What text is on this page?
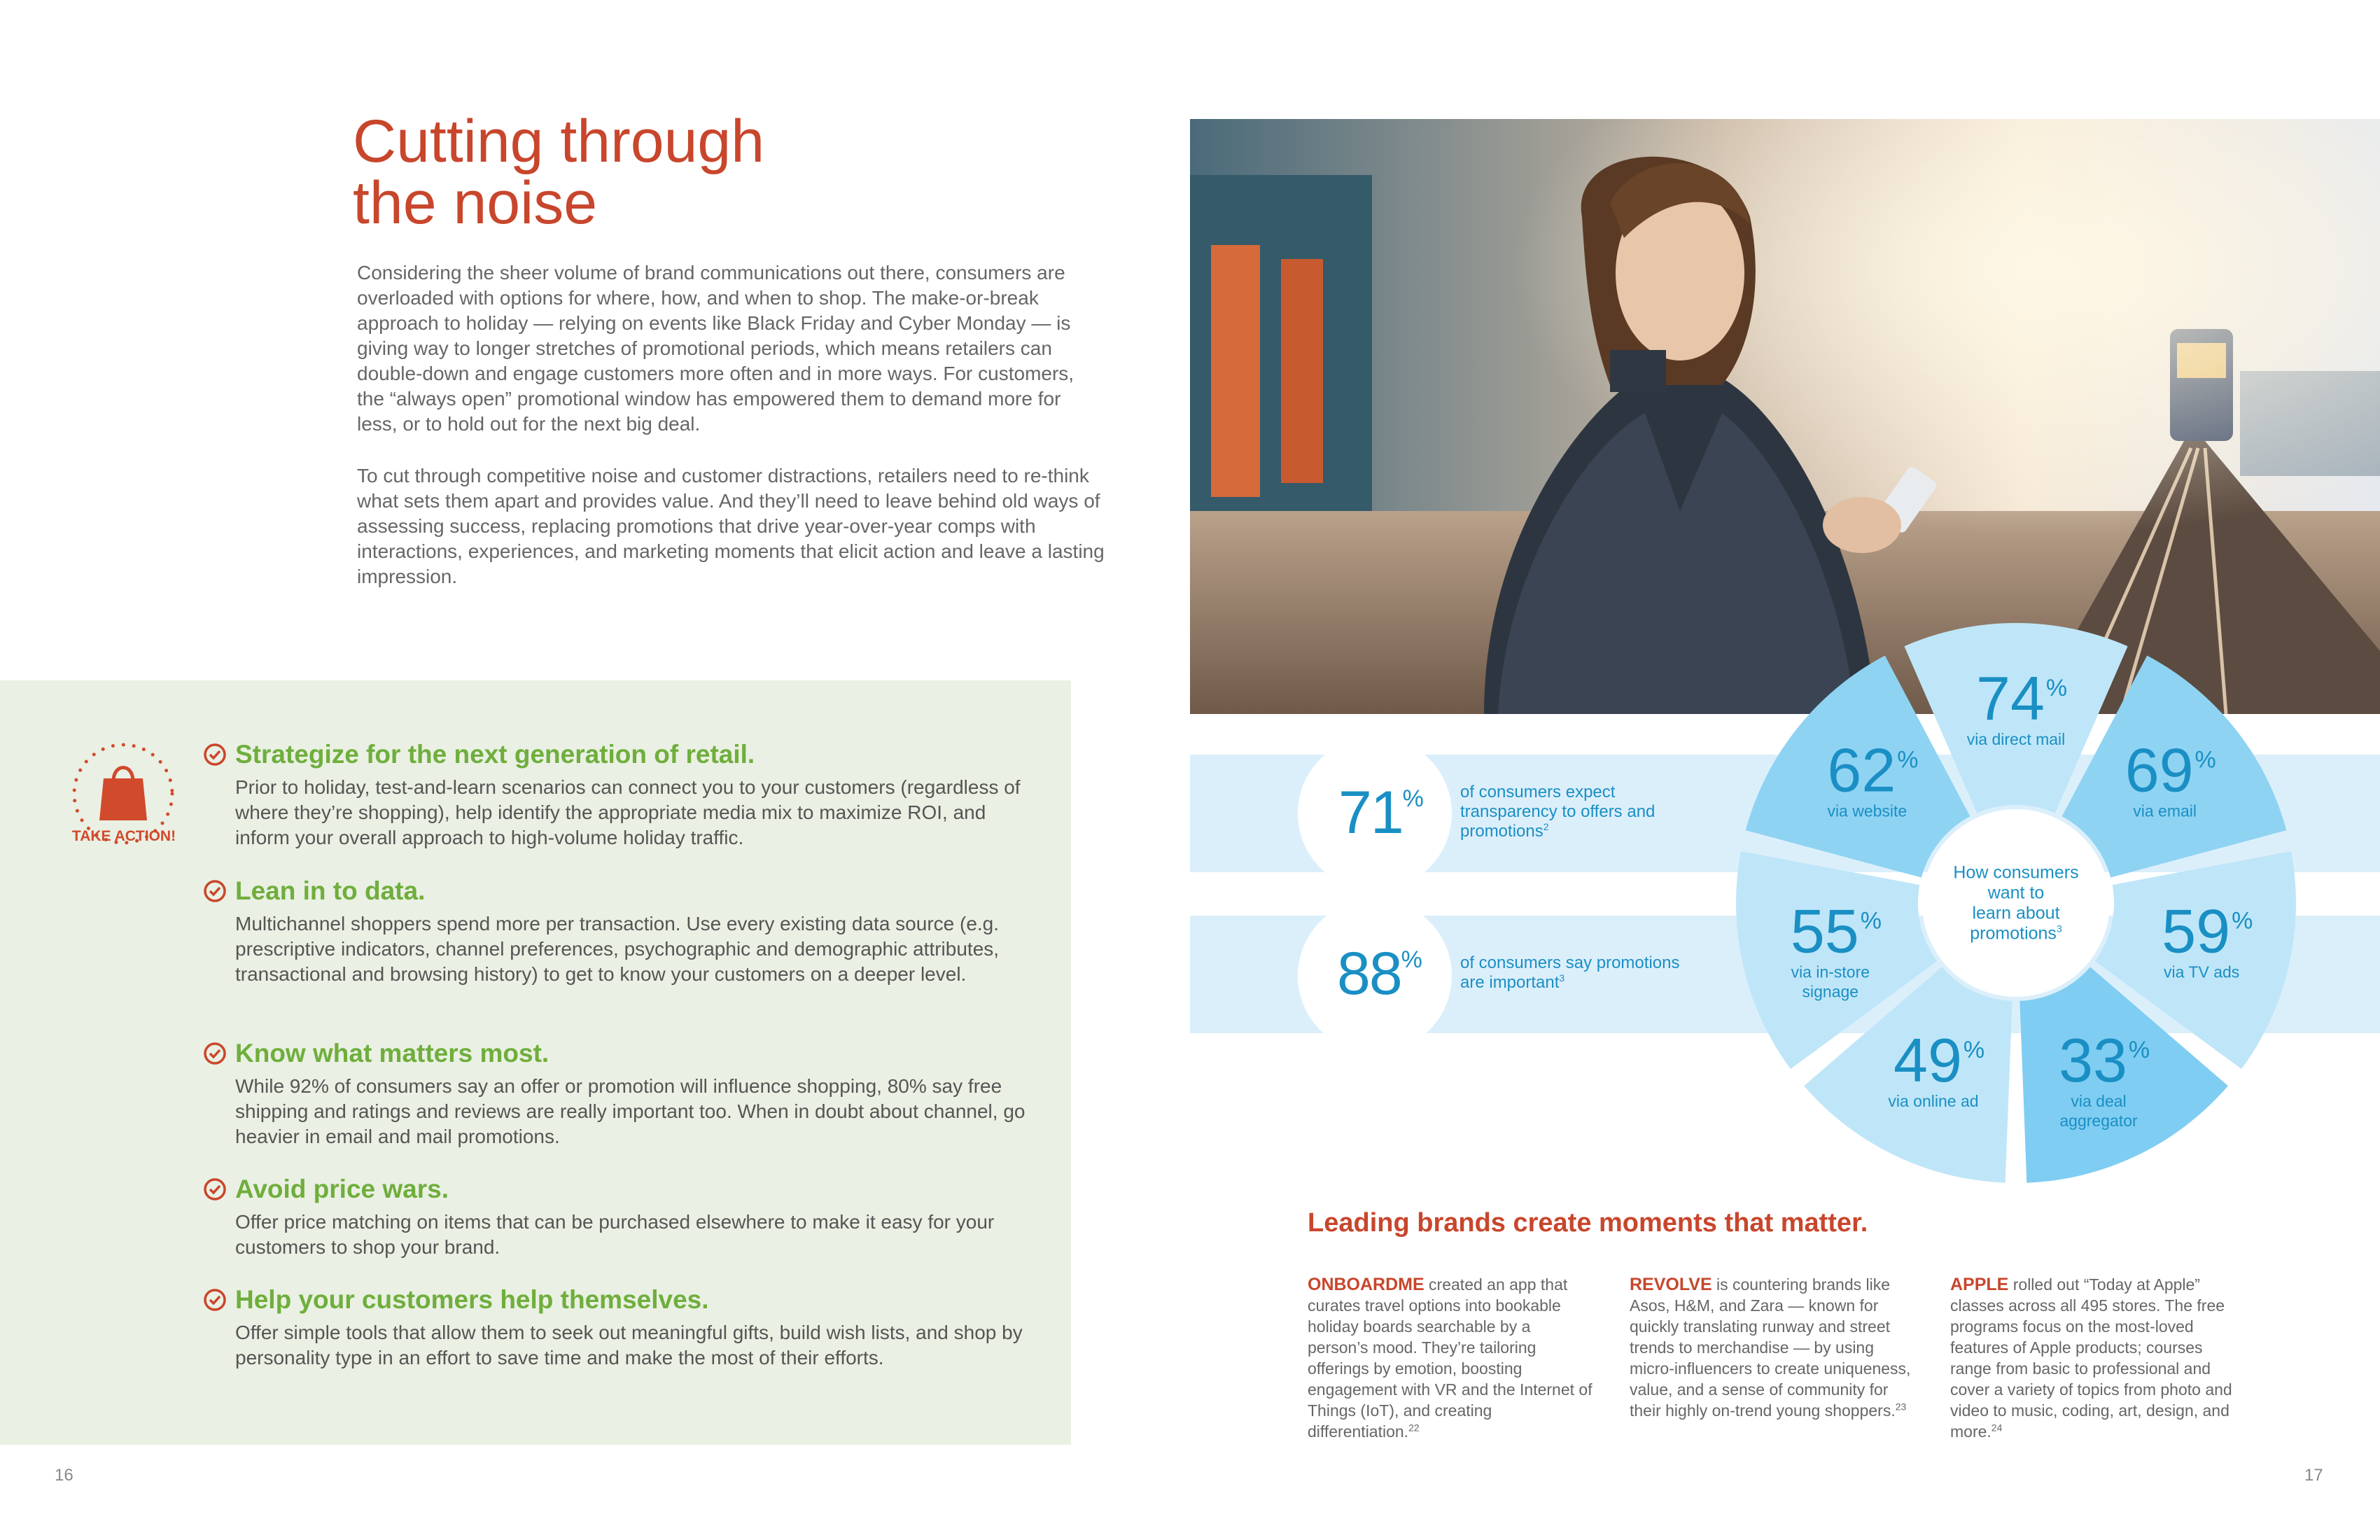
Cutting through
the noise

Considering the sheer volume of brand communications out there, consumers are overloaded with options for where, how, and when to shop. The make-or-break approach to holiday — relying on events like Black Friday and Cyber Monday — is giving way to longer stretches of promotional periods, which means retailers can double-down and engage customers more often and in more ways. For customers, the “always open” promotional window has empowered them to demand more for less, or to hold out for the next big deal.

To cut through competitive noise and customer distractions, retailers need to re-think what sets them apart and provides value. And they’ll need to leave behind old ways of assessing success, replacing promotions that drive year-over-year comps with interactions, experiences, and marketing moments that elicit action and leave a lasting impression.

TAKE ACTION!
Strategize for the next generation of retail.
Prior to holiday, test-and-learn scenarios can connect you to your customers (regardless of where they’re shopping), help identify the appropriate media mix to maximize ROI, and inform your overall approach to high-volume holiday traffic.
Lean in to data.
Multichannel shoppers spend more per transaction. Use every existing data source (e.g. prescriptive indicators, channel preferences, psychographic and demographic attributes, transactional and browsing history) to get to know your customers on a deeper level.
Know what matters most.
While 92% of consumers say an offer or promotion will influence shopping, 80% say free shipping and ratings and reviews are really important too. When in doubt about channel, go heavier in email and mail promotions.
Avoid price wars.
Offer price matching on items that can be purchased elsewhere to make it easy for your customers to shop your brand.
Help your customers help themselves.
Offer simple tools that allow them to seek out meaningful gifts, build wish lists, and shop by personality type in an effort to save time and make the most of their efforts.
16
71% of consumers expect transparency to offers and promotions$^2$
88% of consumers say promotions are important$^3$
74 %
via direct mail 69 %
via email
59 %
via TV ads
33 %
via deal
aggregator
49 %
via online ad
55 %
via in-store
signage
62 %
via website
How consumers
want to
learn about
promotions$^3$
Leading brands create moments that matter.
ONBOARDME created an app that curates travel options into bookable holiday boards searchable by a person’s mood. They’re tailoring offerings by emotion, boosting engagement with VR and the Internet of Things (IoT), and creating differentiation.$^{22}$
REVOLVE is countering brands like Asos, H&M, and Zara — known for quickly translating runway and street trends to merchandise — by using micro-influencers to create uniqueness, value, and a sense of community for their highly on-trend young shoppers.$^{23}$
APPLE rolled out “Today at Apple” classes across all 495 stores. The free programs focus on the most-loved features of Apple products; courses range from basic to professional and cover a variety of topics from photo and video to music, coding, art, design, and more.$^{24}$
17
